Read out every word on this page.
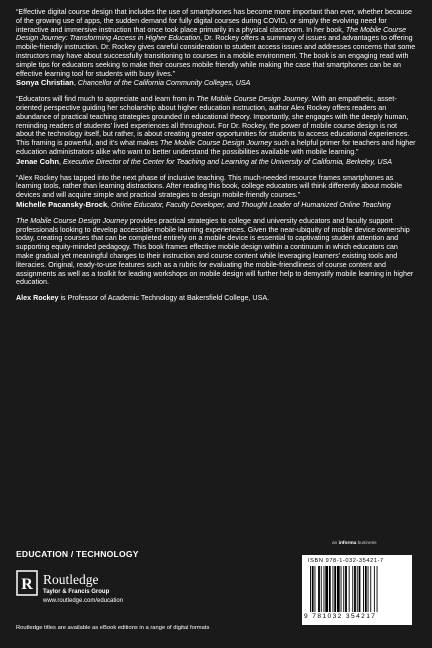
“Effective digital course design that includes the use of smartphones has become more important than ever, whether because of the growing use of apps, the sudden demand for fully digital courses during COVID, or simply the evolving need for interactive and immersive instruction that once took place primarily in a physical classroom. In her book, The Mobile Course Design Journey: Transforming Access in Higher Education, Dr. Rockey offers a summary of issues and advantages to offering mobile-friendly instruction. Dr. Rockey gives careful consideration to student access issues and addresses concerns that some instructors may have about successfully transitioning to courses in a mobile environment. The book is an engaging read with simple tips for educators seeking to make their courses mobile friendly while making the case that smartphones can be an effective learning tool for students with busy lives.”

Sonya Christian, Chancellor of the California Community Colleges, USA

“Educators will find much to appreciate and learn from in The Mobile Course Design Journey. With an empathetic, asset-oriented perspective guiding her scholarship about higher education instruction, author Alex Rockey offers readers an abundance of practical teaching strategies grounded in educational theory. Importantly, she engages with the deeply human, reminding readers of students’ lived experiences all throughout. For Dr. Rockey, the power of mobile course design is not about the technology itself, but rather, is about creating greater opportunities for students to access educational experiences. This framing is powerful, and it’s what makes The Mobile Course Design Journey such a helpful primer for teachers and higher education administrators alike who want to better understand the possibilities available with mobile learning.”

Jenae Cohn, Executive Director of the Center for Teaching and Learning at the University of California, Berkeley, USA

“Alex Rockey has tapped into the next phase of inclusive teaching. This much-needed resource frames smartphones as learning tools, rather than learning distractions. After reading this book, college educators will think differently about mobile devices and will acquire simple and practical strategies to design mobile-friendly courses.”

Michelle Pacansky-Brock, Online Educator, Faculty Developer, and Thought Leader of Humanized Online Teaching

The Mobile Course Design Journey provides practical strategies to college and university educators and faculty support professionals looking to develop accessible mobile learning experiences. Given the near-ubiquity of mobile device ownership today, creating courses that can be completed entirely on a mobile device is essential to captivating student attention and supporting equity-minded pedagogy. This book frames effective mobile design within a continuum in which educators can make gradual yet meaningful changes to their instruction and course content while leveraging learners’ existing tools and literacies. Original, ready-to-use features such as a rubric for evaluating the mobile-friendliness of course content and assignments as well as a toolkit for leading workshops on mobile design will further help to demystify mobile learning in higher education.

Alex Rockey is Professor of Academic Technology at Bakersfield College, USA.

EDUCATION / TECHNOLOGY
R Routledge
Taylor & Francis Group
www.routledge.com/education
an informa business
ISBN 978-1-032-35421-7
9 781032 354217
Routledge titles are available as eBook editions in a range of digital formats
